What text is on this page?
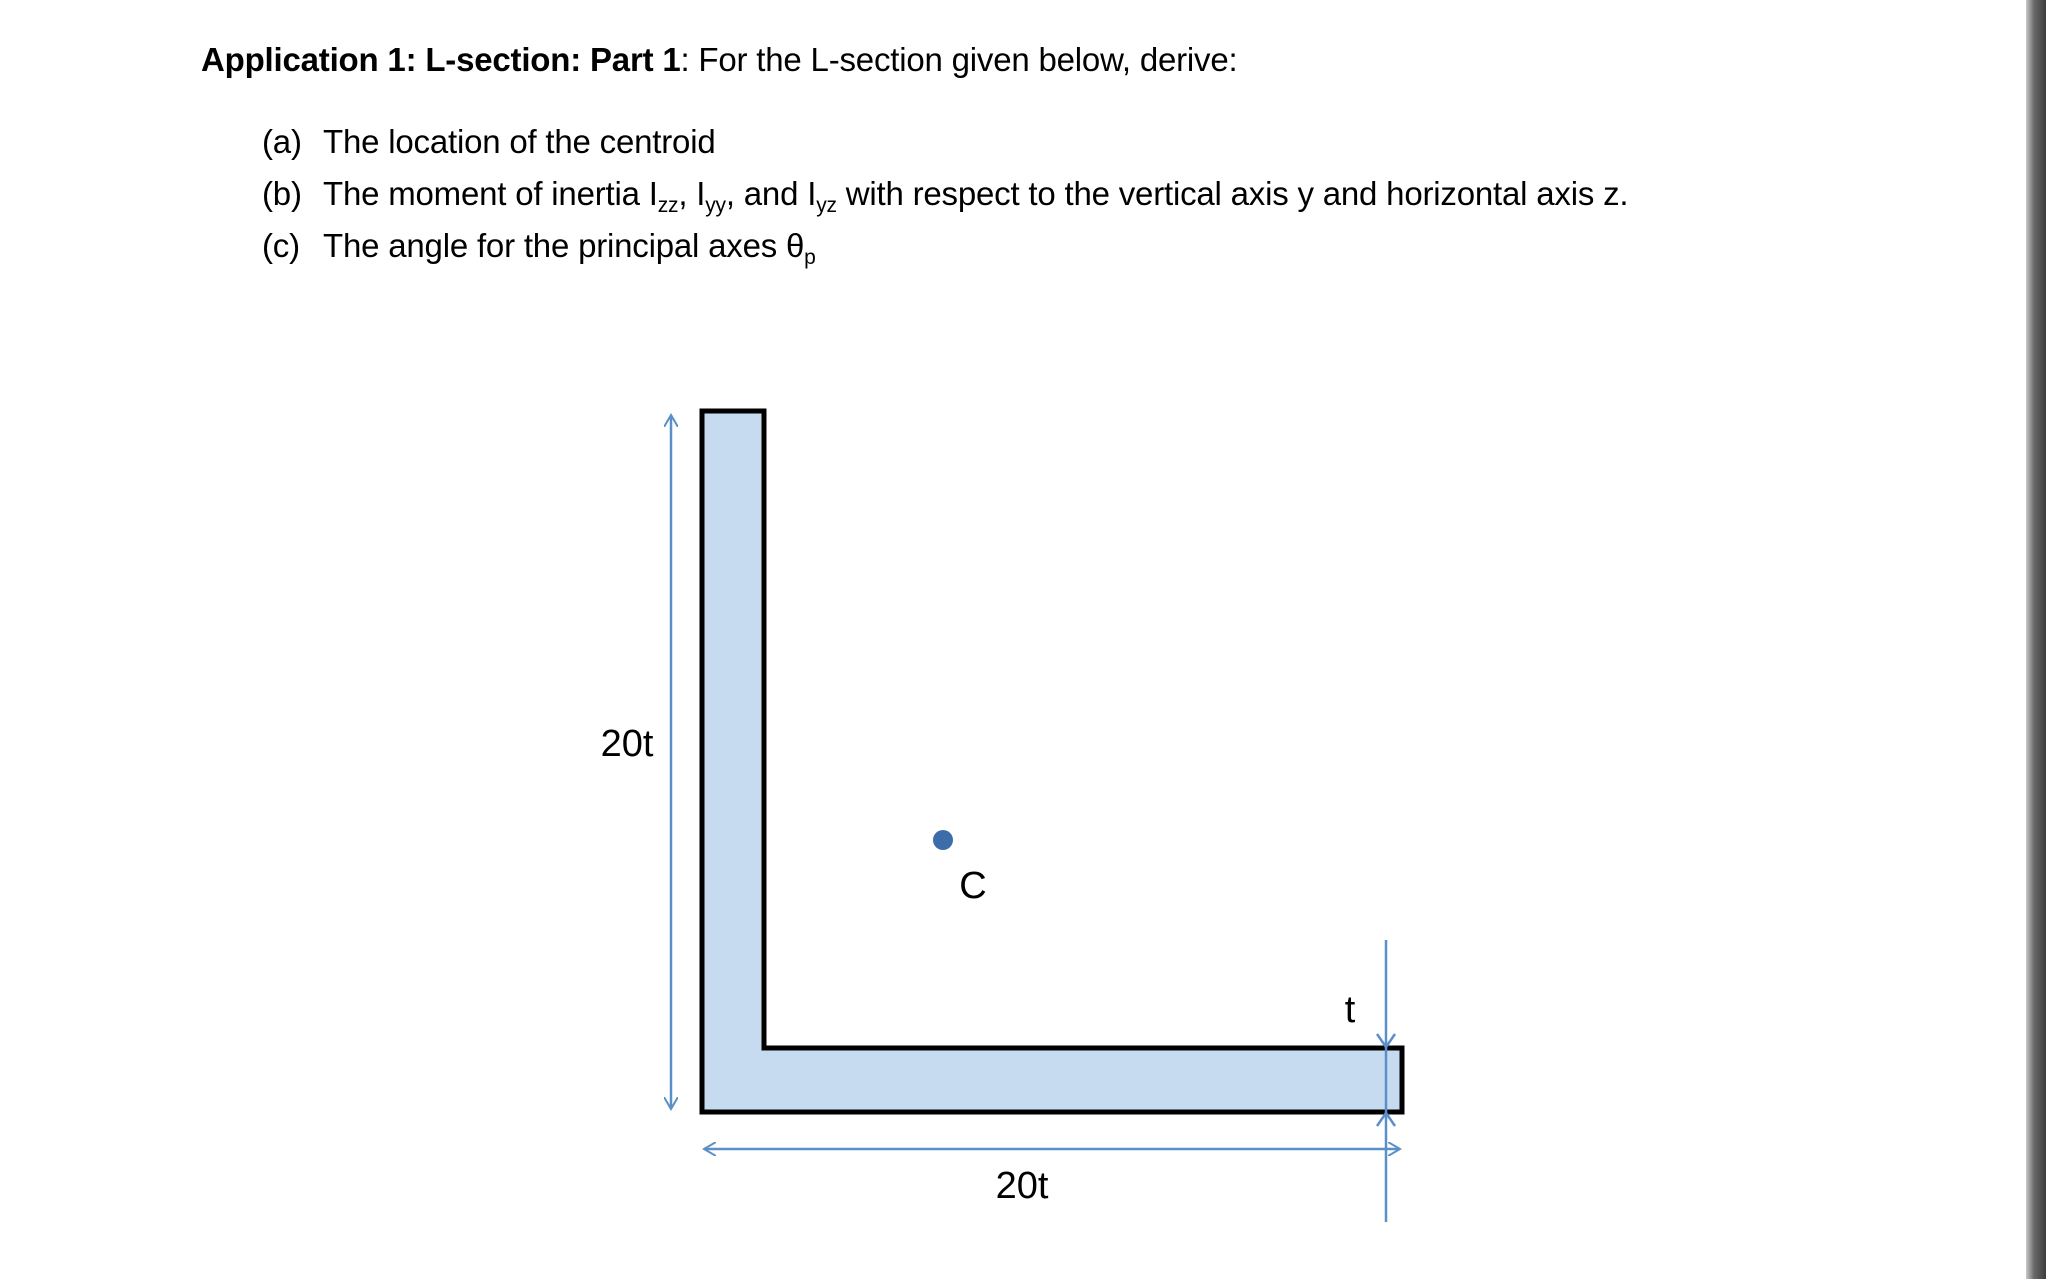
Application 1: L-section: Part 1: For the L-section given below, derive:
(a) The location of the centroid
(b) The moment of inertia $I_{zz}$, $I_{yy}$, and $I_{yz}$ with respect to the vertical axis y and horizontal axis z.
(c) The angle for the principal axes $\theta_p$
20t
20t
t
C
